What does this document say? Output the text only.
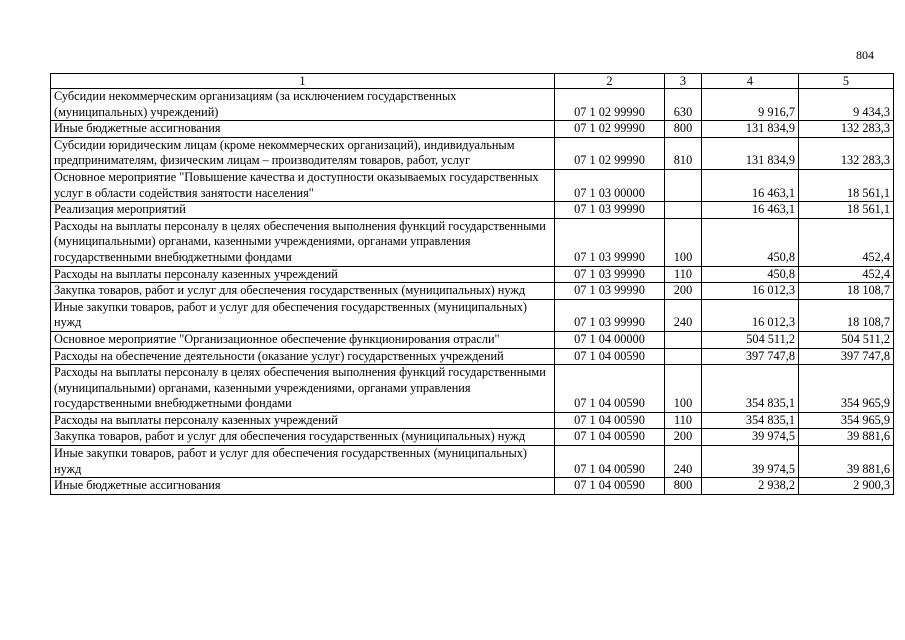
804
1	2	3	4	5
Субсидии некоммерческим организациям (за исключением государственных (муниципальных) учреждений)	07 1 02 99990	630	9 916,7	9 434,3
Иные бюджетные ассигнования	07 1 02 99990	800	131 834,9	132 283,3
Субсидии юридическим лицам (кроме некоммерческих организаций), индивидуальным предпринимателям, физическим лицам – производителям товаров, работ, услуг	07 1 02 99990	810	131 834,9	132 283,3
Основное мероприятие "Повышение качества и доступности оказываемых государственных услуг в области содействия занятости населения"	07 1 03 00000		16 463,1	18 561,1
Реализация мероприятий	07 1 03 99990		16 463,1	18 561,1
Расходы на выплаты персоналу в целях обеспечения выполнения функций государственными (муниципальными) органами, казенными учреждениями, органами управления государственными внебюджетными фондами	07 1 03 99990	100	450,8	452,4
Расходы на выплаты персоналу казенных учреждений	07 1 03 99990	110	450,8	452,4
Закупка товаров, работ и услуг для обеспечения государственных (муниципальных) нужд	07 1 03 99990	200	16 012,3	18 108,7
Иные закупки товаров, работ и услуг для обеспечения государственных (муниципальных) нужд	07 1 03 99990	240	16 012,3	18 108,7
Основное мероприятие "Организационное обеспечение функционирования отрасли"	07 1 04 00000		504 511,2	504 511,2
Расходы на обеспечение деятельности (оказание услуг) государственных учреждений	07 1 04 00590		397 747,8	397 747,8
Расходы на выплаты персоналу в целях обеспечения выполнения функций государственными (муниципальными) органами, казенными учреждениями, органами управления государственными внебюджетными фондами	07 1 04 00590	100	354 835,1	354 965,9
Расходы на выплаты персоналу казенных учреждений	07 1 04 00590	110	354 835,1	354 965,9
Закупка товаров, работ и услуг для обеспечения государственных (муниципальных) нужд	07 1 04 00590	200	39 974,5	39 881,6
Иные закупки товаров, работ и услуг для обеспечения государственных (муниципальных) нужд	07 1 04 00590	240	39 974,5	39 881,6
Иные бюджетные ассигнования	07 1 04 00590	800	2 938,2	2 900,3
